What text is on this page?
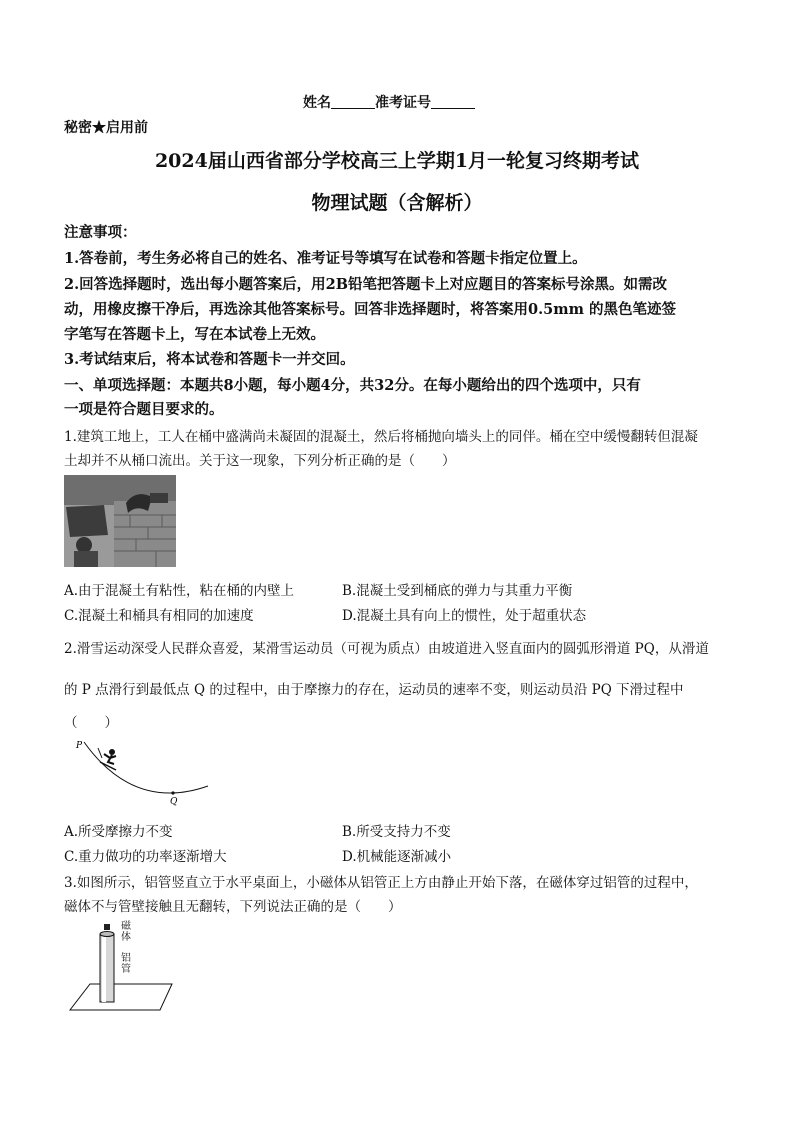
姓名	准考证号
秘密★启用前
2024届山西省部分学校高三上学期1月一轮复习终期考试
物理试题（含解析）
注意事项：
1.答卷前，考生务必将自己的姓名、准考证号等填写在试卷和答题卡指定位置上。
2.回答选择题时，选出每小题答案后，用2B铅笔把答题卡上对应题目的答案标号涂黑。如需改
动，用橡皮擦干净后，再选涂其他答案标号。回答非选择题时，将答案用0.5mm 的黑色笔迹签
字笔写在答题卡上，写在本试卷上无效。
3.考试结束后，将本试卷和答题卡一并交回。
一、单项选择题：本题共8小题，每小题4分，共32分。在每小题给出的四个选项中，只有
一项是符合题目要求的。
1.建筑工地上，工人在桶中盛满尚未凝固的混凝土，然后将桶抛向墙头上的同伴。桶在空中缓慢翻转但混凝
土却并不从桶口流出。关于这一现象，下列分析正确的是（　　）
A.由于混凝土有粘性，粘在桶的内壁上	B.混凝土受到桶底的弹力与其重力平衡
C.混凝土和桶具有相同的加速度	D.混凝土具有向上的惯性，处于超重状态
2.滑雪运动深受人民群众喜爱，某滑雪运动员（可视为质点）由坡道进入竖直面内的圆弧形滑道 PQ，从滑道
的 P 点滑行到最低点 Q 的过程中，由于摩擦力的存在，运动员的速率不变，则运动员沿 PQ 下滑过程中
（　　）
P
Q
A.所受摩擦力不变	B.所受支持力不变
C.重力做功的功率逐渐增大	D.机械能逐渐减小
3.如图所示，铝管竖直立于水平桌面上，小磁体从铝管正上方由静止开始下落，在磁体穿过铝管的过程中，
磁体不与管壁接触且无翻转，下列说法正确的是（　　）
磁体
铝管
